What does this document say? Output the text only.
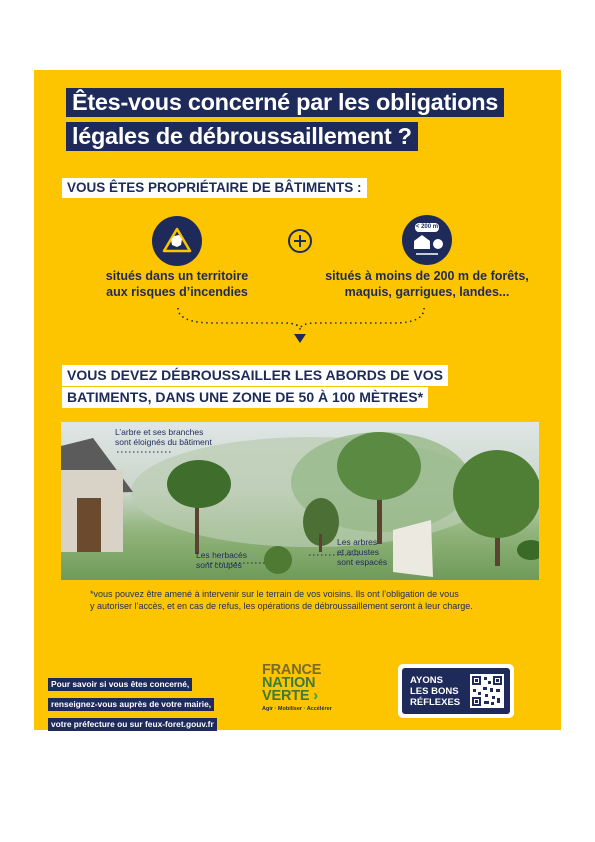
Êtes-vous concerné par les obligations
légales de débroussaillement ?
VOUS ÊTES PROPRIÉTAIRE DE BÂTIMENTS :
situés dans un territoire
aux risques d’incendies
< 200 m
situés à moins de 200 m de forêts,
maquis, garrigues, landes...
VOUS DEVEZ DÉBROUSSAILLER LES ABORDS DE VOS
BATIMENTS, DANS UNE ZONE DE 50 À 100 MÈTRES*
L’arbre et ses branches
sont éloignés du bâtiment
Les herbacés
sont coupés
Les arbres
et arbustes
sont espacés
*vous pouvez être amené à intervenir sur le terrain de vos voisins. Ils ont l’obligation de vous
y autoriser l’accès, et en cas de refus, les opérations de débroussaillement seront à leur charge.
Pour savoir si vous êtes concerné,
renseignez-vous auprès de votre mairie,
votre préfecture ou sur feux-foret.gouv.fr
FRANCE
NATION
VERTE ›
Agir · Mobiliser · Accélérer
AYONS
LES BONS
RÉFLEXES
